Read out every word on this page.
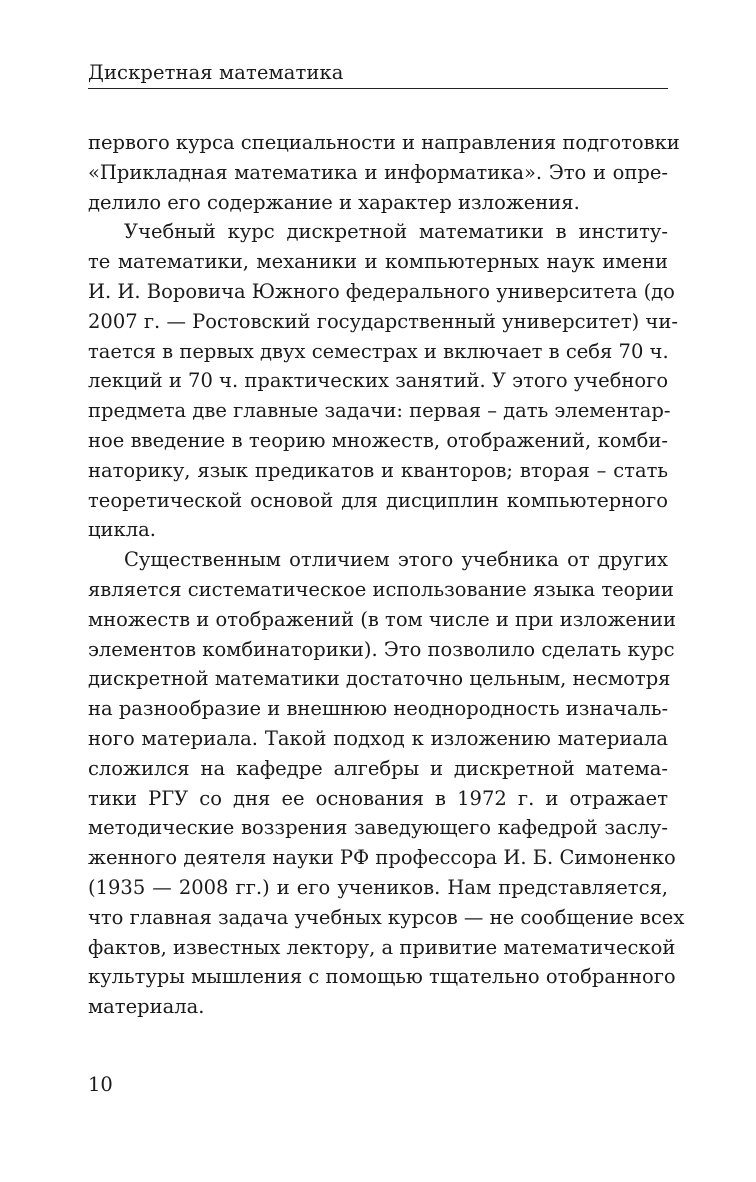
Дискретная математика
первого курса специальности и направления подготовки
«Прикладная математика и информатика». Это и опре-
делило его содержание и характер изложения.
Учебный курс дискретной математики в институ-
те математики, механики и компьютерных наук имени
И. И. Воровича Южного федерального университета (до
2007 г. — Ростовский государственный университет) чи-
тается в первых двух семестрах и включает в себя 70 ч.
лекций и 70 ч. практических занятий. У этого учебного
предмета две главные задачи: первая – дать элементар-
ное введение в теорию множеств, отображений, комби-
наторику, язык предикатов и кванторов; вторая – стать
теоретической основой для дисциплин компьютерного
цикла.
Существенным отличием этого учебника от других
является систематическое использование языка теории
множеств и отображений (в том числе и при изложении
элементов комбинаторики). Это позволило сделать курс
дискретной математики достаточно цельным, несмотря
на разнообразие и внешнюю неоднородность изначаль-
ного материала. Такой подход к изложению материала
сложился на кафедре алгебры и дискретной матема-
тики РГУ со дня ее основания в 1972 г. и отражает
методические воззрения заведующего кафедрой заслу-
женного деятеля науки РФ профессора И. Б. Симоненко
(1935 — 2008 гг.) и его учеников. Нам представляется,
что главная задача учебных курсов — не сообщение всех
фактов, известных лектору, а привитие математической
культуры мышления с помощью тщательно отобранного
материала.
10
